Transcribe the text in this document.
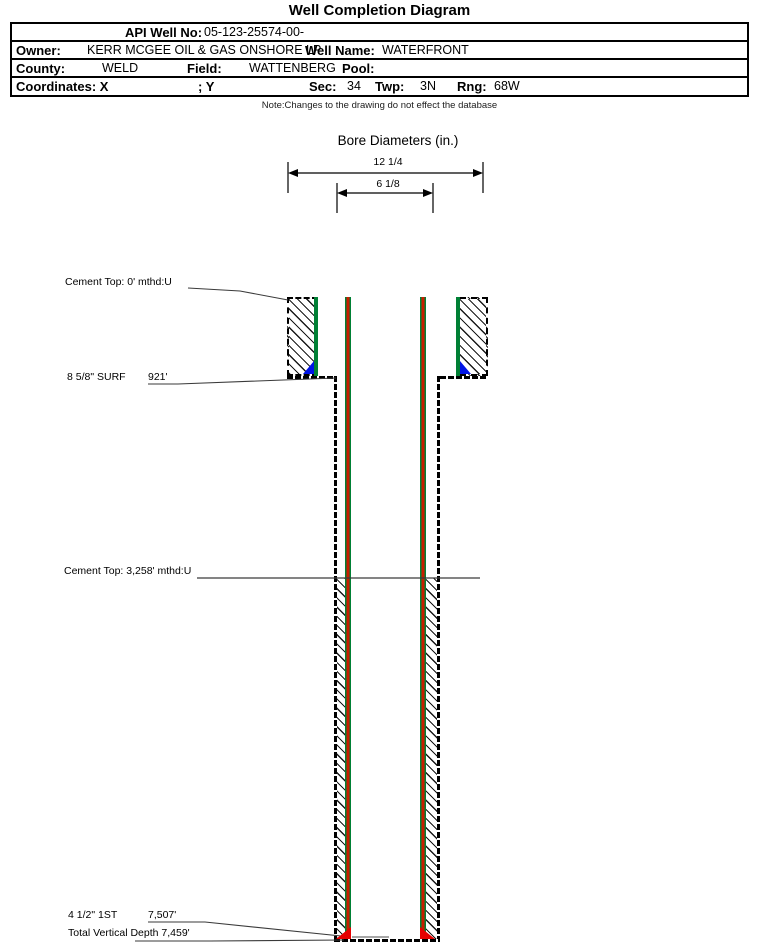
Well Completion Diagram
API Well No: 05-123-25574-00-
Owner: KERR MCGEE OIL & GAS ONSHORE LP
Well Name: WATERFRONT
County:	WELD	Field: WATTENBERG Pool:
Coordinates: X	; Y	Sec: 34 Twp: 3N Rng: 68W
Note:Changes to the drawing do not effect the database
Bore Diameters (in.)
12 1/4
6 1/8
Cement Top: 0' mthd:U
8 5/8" SURF 921'
Cement Top: 3,258' mthd:U
4 1/2" 1ST	7,507'
Total Vertical Depth 7,459'
